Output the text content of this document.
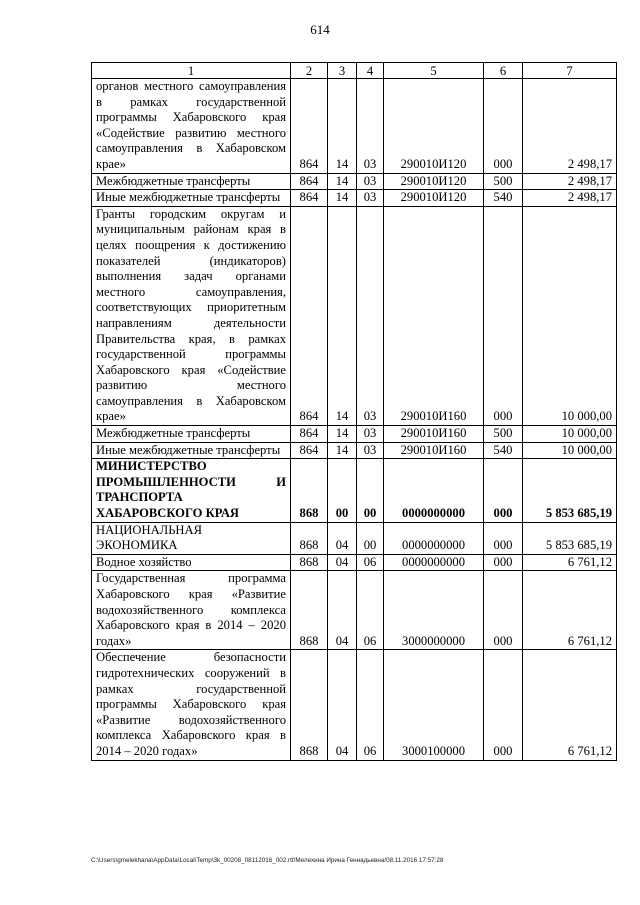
614
1	2	3	4	5	6	7
органов местного самоуправления в рамках государственной программы Хабаровского края «Содействие развитию местного самоуправления в Хабаровском крае»	864	14	03	290010И120	000	2 498,17
Межбюджетные трансферты	864	14	03	290010И120	500	2 498,17
Иные межбюджетные трансферты	864	14	03	290010И120	540	2 498,17
Гранты городским округам и муниципальным районам края в целях поощрения к достижению показателей (индикаторов) выполнения задач органами местного самоуправления, соответствующих приоритетным направлениям деятельности Правительства края, в рамках государственной программы Хабаровского края «Содействие развитию местного самоуправления в Хабаровском крае»	864	14	03	290010И160	000	10 000,00
Межбюджетные трансферты	864	14	03	290010И160	500	10 000,00
Иные межбюджетные трансферты	864	14	03	290010И160	540	10 000,00
МИНИСТЕРСТВО ПРОМЫШЛЕННОСТИ И ТРАНСПОРТА ХАБАРОВСКОГО КРАЯ	868	00	00	0000000000	000	5 853 685,19
НАЦИОНАЛЬНАЯ ЭКОНОМИКА	868	04	00	0000000000	000	5 853 685,19
Водное хозяйство	868	04	06	0000000000	000	6 761,12
Государственная программа Хабаровского края «Развитие водохозяйственного комплекса Хабаровского края в 2014 – 2020 годах»	868	04	06	3000000000	000	6 761,12
Обеспечение безопасности гидротехнических сооружений в рамках государственной программы Хабаровского края «Развитие водохозяйственного комплекса Хабаровского края в 2014 – 2020 годах»	868	04	06	3000100000	000	6 761,12
C:\Users\gmelekhana\AppData\Local\Temp\3k_00208_08112016_002.rtf/Мелехина Ирина Геннадьевна/08.11.2016 17:57:28
